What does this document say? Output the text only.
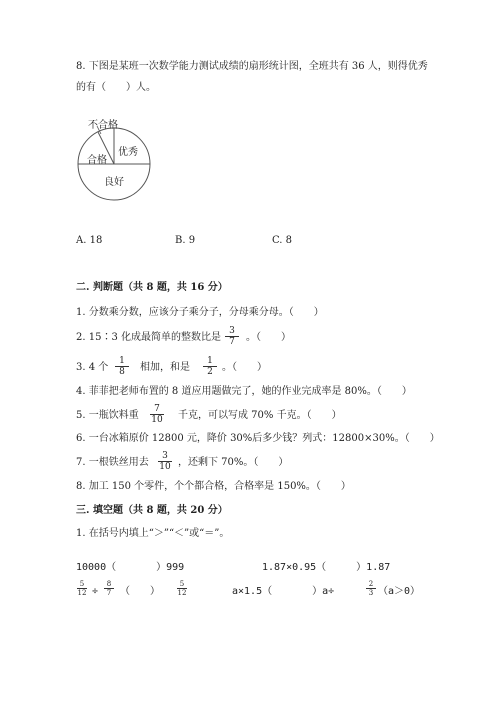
8. 下图是某班一次数学能力测试成绩的扇形统计图，全班共有 36 人，则得优秀
的有（　　）人。
不合格
合格
优秀
良好
A. 18	B. 9	C. 8
二. 判断题（共 8 题，共 16 分）
1. 分数乘分数，应该分子乘分子，分母乘分母。（　　）
2. 15∶3 化成最简单的整数比是 $\frac{3}{7}$ 。（　　）
3. 4 个 $\frac{1}{8}$ 相加，和是 $\frac{1}{2}$ 。（　　）
4. 菲菲把老师布置的 8 道应用题做完了，她的作业完成率是 80%。（　　）
5. 一瓶饮料重 $\frac{7}{10}$ 千克，可以写成 70% 千克。（　　）
6. 一台冰箱原价 12800 元，降价 30%后多少钱？列式：12800×30%。（　　）
7. 一根铁丝用去 $\frac{3}{10}$ ，还剩下 70%。（　　）
8. 加工 150 个零件，个个都合格，合格率是 150%。（　　）
三. 填空题（共 8 题，共 20 分）
1. 在括号内填上“＞”“＜”或“＝”。
10000（　　　　）999	1.87×0.95（　　　）1.87
$\frac{5}{12} \div \frac{8}{7}$ （　　） $\frac{5}{12}$	a×1.5（　　　　）a÷	$\frac{2}{3} (a>0)$
